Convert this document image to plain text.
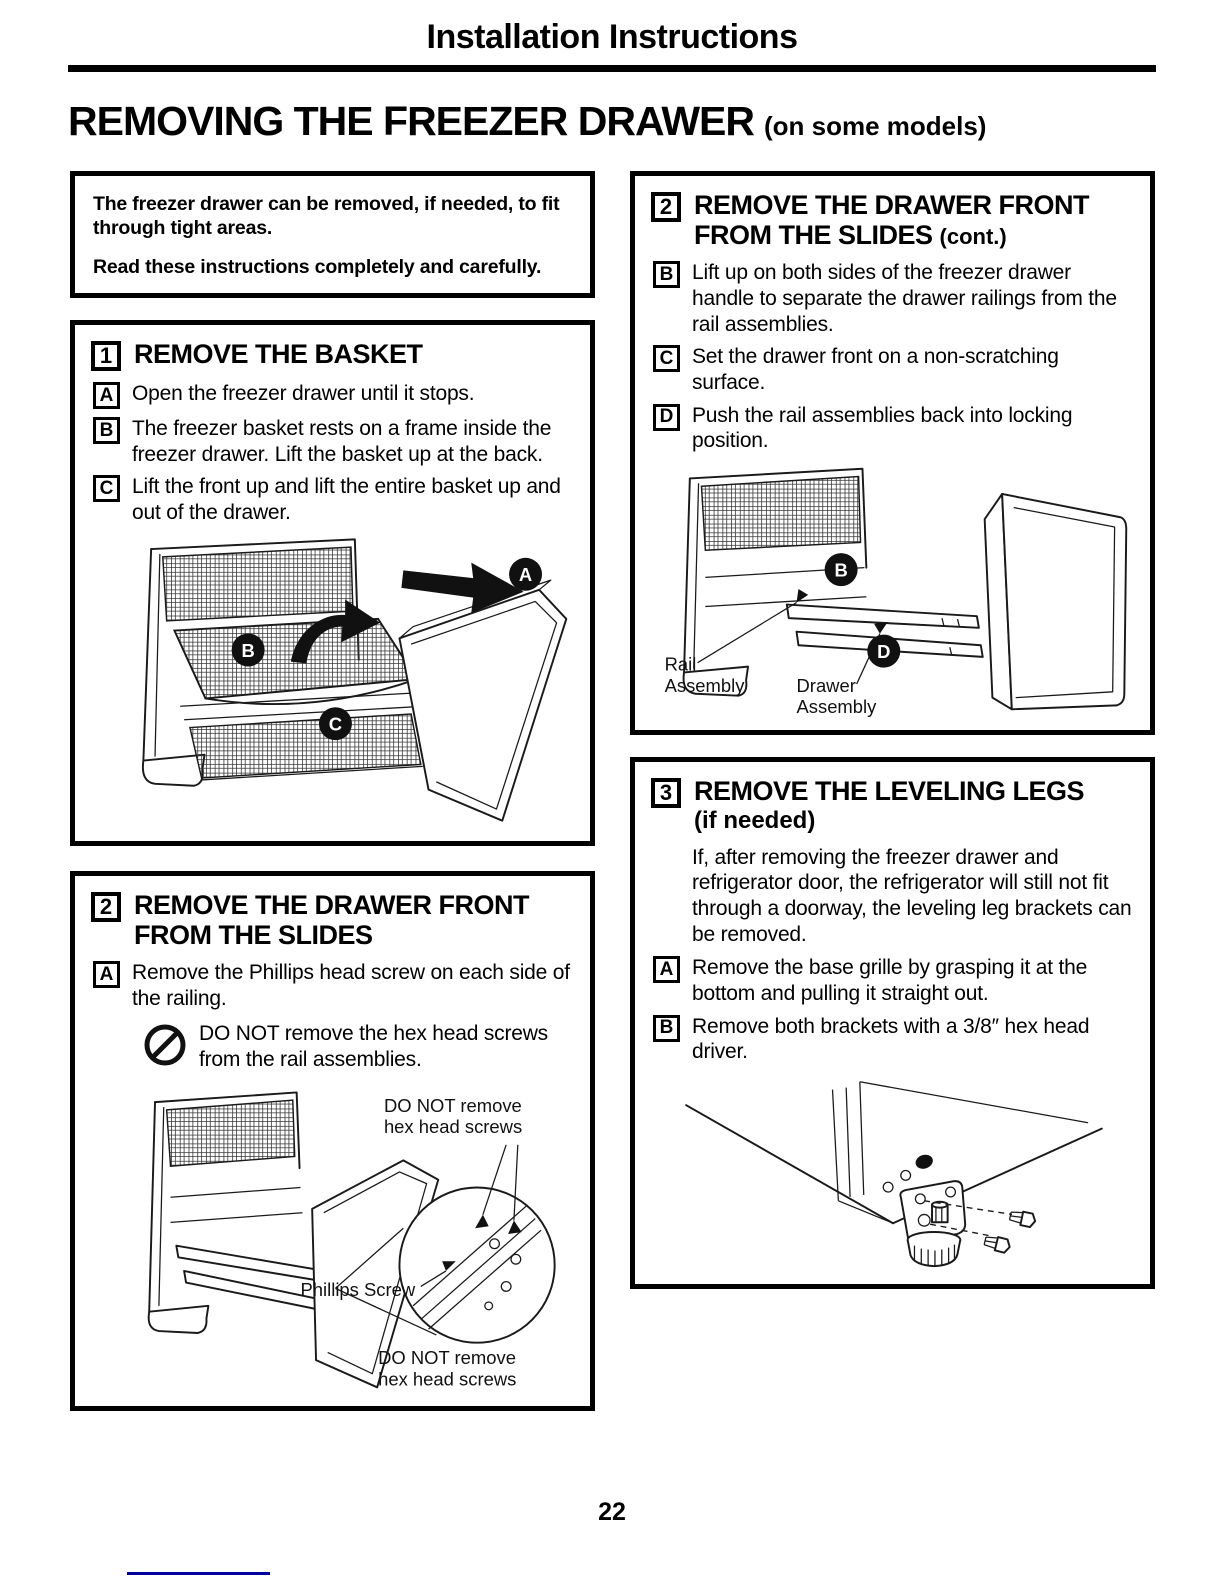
Installation Instructions
REMOVING THE FREEZER DRAWER (on some models)

The freezer drawer can be removed, if needed, to fit through tight areas.

Read these instructions completely and carefully.

1 REMOVE THE BASKET
A Open the freezer drawer until it stops.
B The freezer basket rests on a frame inside the freezer drawer. Lift the basket up at the back.
C Lift the front up and lift the entire basket up and out of the drawer.
A
B
C
2 REMOVE THE DRAWER FRONT FROM THE SLIDES
A Remove the Phillips head screw on each side of the railing.
DO NOT remove the hex head screws from the rail assemblies.
DO NOT remove
hex head screws
Phillips Screw
DO NOT remove
hex head screws
2 REMOVE THE DRAWER FRONT FROM THE SLIDES (cont.)
B Lift up on both sides of the freezer drawer handle to separate the drawer railings from the rail assemblies.
C Set the drawer front on a non-scratching surface.
D Push the rail assemblies back into locking position.
B
D
Rail
Assembly	Drawer
Assembly
3 REMOVE THE LEVELING LEGS
(if needed)

If, after removing the freezer drawer and refrigerator door, the refrigerator will still not fit through a doorway, the leveling leg brackets can be removed.

A Remove the base grille by grasping it at the bottom and pulling it straight out.
B Remove both brackets with a 3/8″ hex head driver.
22
